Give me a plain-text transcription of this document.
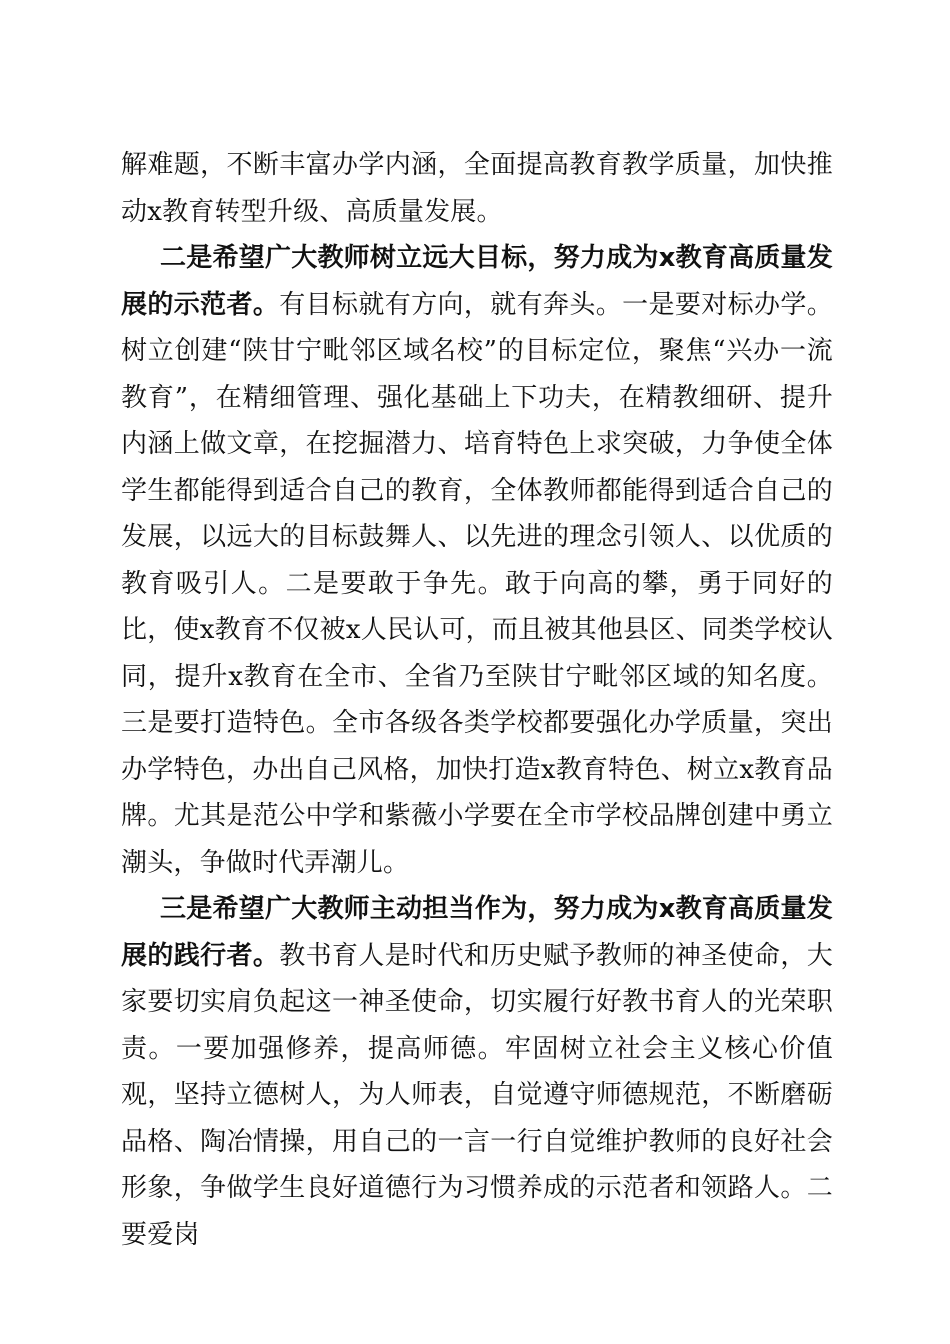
解难题，不断丰富办学内涵，全面提高教育教学质量，加快推动x教育转型升级、高质量发展。

二是希望广大教师树立远大目标，努力成为x教育高质量发展的示范者。有目标就有方向，就有奔头。一是要对标办学。树立创建“陕甘宁毗邻区域名校”的目标定位，聚焦“兴办一流教育”，在精细管理、强化基础上下功夫，在精教细研、提升内涵上做文章，在挖掘潜力、培育特色上求突破，力争使全体学生都能得到适合自己的教育，全体教师都能得到适合自己的发展，以远大的目标鼓舞人、以先进的理念引领人、以优质的教育吸引人。二是要敢于争先。敢于向高的攀，勇于同好的比，使x教育不仅被x人民认可，而且被其他县区、同类学校认同，提升x教育在全市、全省乃至陕甘宁毗邻区域的知名度。三是要打造特色。全市各级各类学校都要强化办学质量，突出办学特色，办出自己风格，加快打造x教育特色、树立x教育品牌。尤其是范公中学和紫薇小学要在全市学校品牌创建中勇立潮头，争做时代弄潮儿。

三是希望广大教师主动担当作为，努力成为x教育高质量发展的践行者。教书育人是时代和历史赋予教师的神圣使命，大家要切实肩负起这一神圣使命，切实履行好教书育人的光荣职责。一要加强修养，提高师德。牢固树立社会主义核心价值观，坚持立德树人，为人师表，自觉遵守师德规范，不断磨砺品格、陶冶情操，用自己的一言一行自觉维护教师的良好社会形象，争做学生良好道德行为习惯养成的示范者和领路人。二要爱岗
